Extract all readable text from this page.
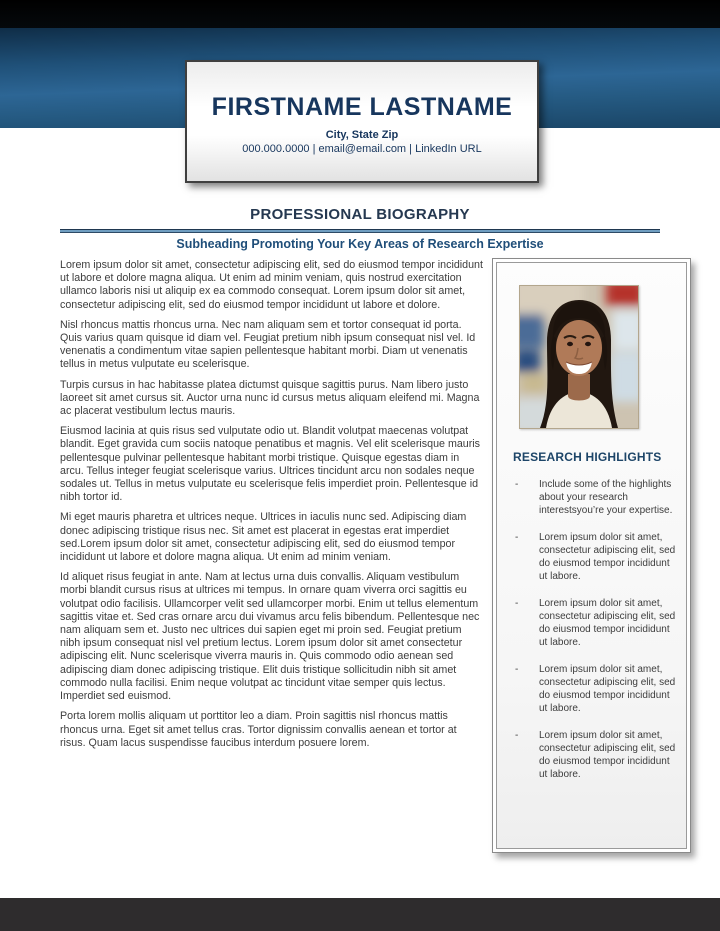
FIRSTNAME LASTNAME
City, State Zip
000.000.0000 | email@email.com | LinkedIn URL
PROFESSIONAL BIOGRAPHY
Subheading Promoting Your Key Areas of Research Expertise

Lorem ipsum dolor sit amet, consectetur adipiscing elit, sed do eiusmod tempor incididunt ut labore et dolore magna aliqua. Ut enim ad minim veniam, quis nostrud exercitation ullamco laboris nisi ut aliquip ex ea commodo consequat. Lorem ipsum dolor sit amet, consectetur adipiscing elit, sed do eiusmod tempor incididunt ut labore et dolore.

Nisl rhoncus mattis rhoncus urna. Nec nam aliquam sem et tortor consequat id porta. Quis varius quam quisque id diam vel. Feugiat pretium nibh ipsum consequat nisl vel. Id venenatis a condimentum vitae sapien pellentesque habitant morbi. Diam ut venenatis tellus in metus vulputate eu scelerisque.

Turpis cursus in hac habitasse platea dictumst quisque sagittis purus. Nam libero justo laoreet sit amet cursus sit. Auctor urna nunc id cursus metus aliquam eleifend mi. Magna ac placerat vestibulum lectus mauris.

Eiusmod lacinia at quis risus sed vulputate odio ut. Blandit volutpat maecenas volutpat blandit. Eget gravida cum sociis natoque penatibus et magnis. Vel elit scelerisque mauris pellentesque pulvinar pellentesque habitant morbi tristique. Quisque egestas diam in arcu. Tellus integer feugiat scelerisque varius. Ultrices tincidunt arcu non sodales neque sodales ut. Tellus in metus vulputate eu scelerisque felis imperdiet proin. Pellentesque id nibh tortor id.

Mi eget mauris pharetra et ultrices neque. Ultrices in iaculis nunc sed. Adipiscing diam donec adipiscing tristique risus nec. Sit amet est placerat in egestas erat imperdiet sed.Lorem ipsum dolor sit amet, consectetur adipiscing elit, sed do eiusmod tempor incididunt ut labore et dolore magna aliqua. Ut enim ad minim veniam.

Id aliquet risus feugiat in ante. Nam at lectus urna duis convallis. Aliquam vestibulum morbi blandit cursus risus at ultrices mi tempus. In ornare quam viverra orci sagittis eu volutpat odio facilisis. Ullamcorper velit sed ullamcorper morbi. Enim ut tellus elementum sagittis vitae et. Sed cras ornare arcu dui vivamus arcu felis bibendum. Pellentesque nec nam aliquam sem et. Justo nec ultrices dui sapien eget mi proin sed. Feugiat pretium nibh ipsum consequat nisl vel pretium lectus. Lorem ipsum dolor sit amet consectetur adipiscing elit. Nunc scelerisque viverra mauris in. Quis commodo odio aenean sed adipiscing diam donec adipiscing tristique. Elit duis tristique sollicitudin nibh sit amet commodo nulla facilisi. Enim neque volutpat ac tincidunt vitae semper quis lectus. Imperdiet sed euismod.

Porta lorem mollis aliquam ut porttitor leo a diam. Proin sagittis nisl rhoncus mattis rhoncus urna. Eget sit amet tellus cras. Tortor dignissim convallis aenean et tortor at risus. Quam lacus suspendisse faucibus interdum posuere lorem.

RESEARCH HIGHLIGHTS
-	Include some of the highlights about your research interestsyou’re your expertise.
-	Lorem ipsum dolor sit amet, consectetur adipiscing elit, sed do eiusmod tempor incididunt ut labore.
-	Lorem ipsum dolor sit amet, consectetur adipiscing elit, sed do eiusmod tempor incididunt ut labore.
-	Lorem ipsum dolor sit amet, consectetur adipiscing elit, sed do eiusmod tempor incididunt ut labore.
-	Lorem ipsum dolor sit amet, consectetur adipiscing elit, sed do eiusmod tempor incididunt ut labore.
